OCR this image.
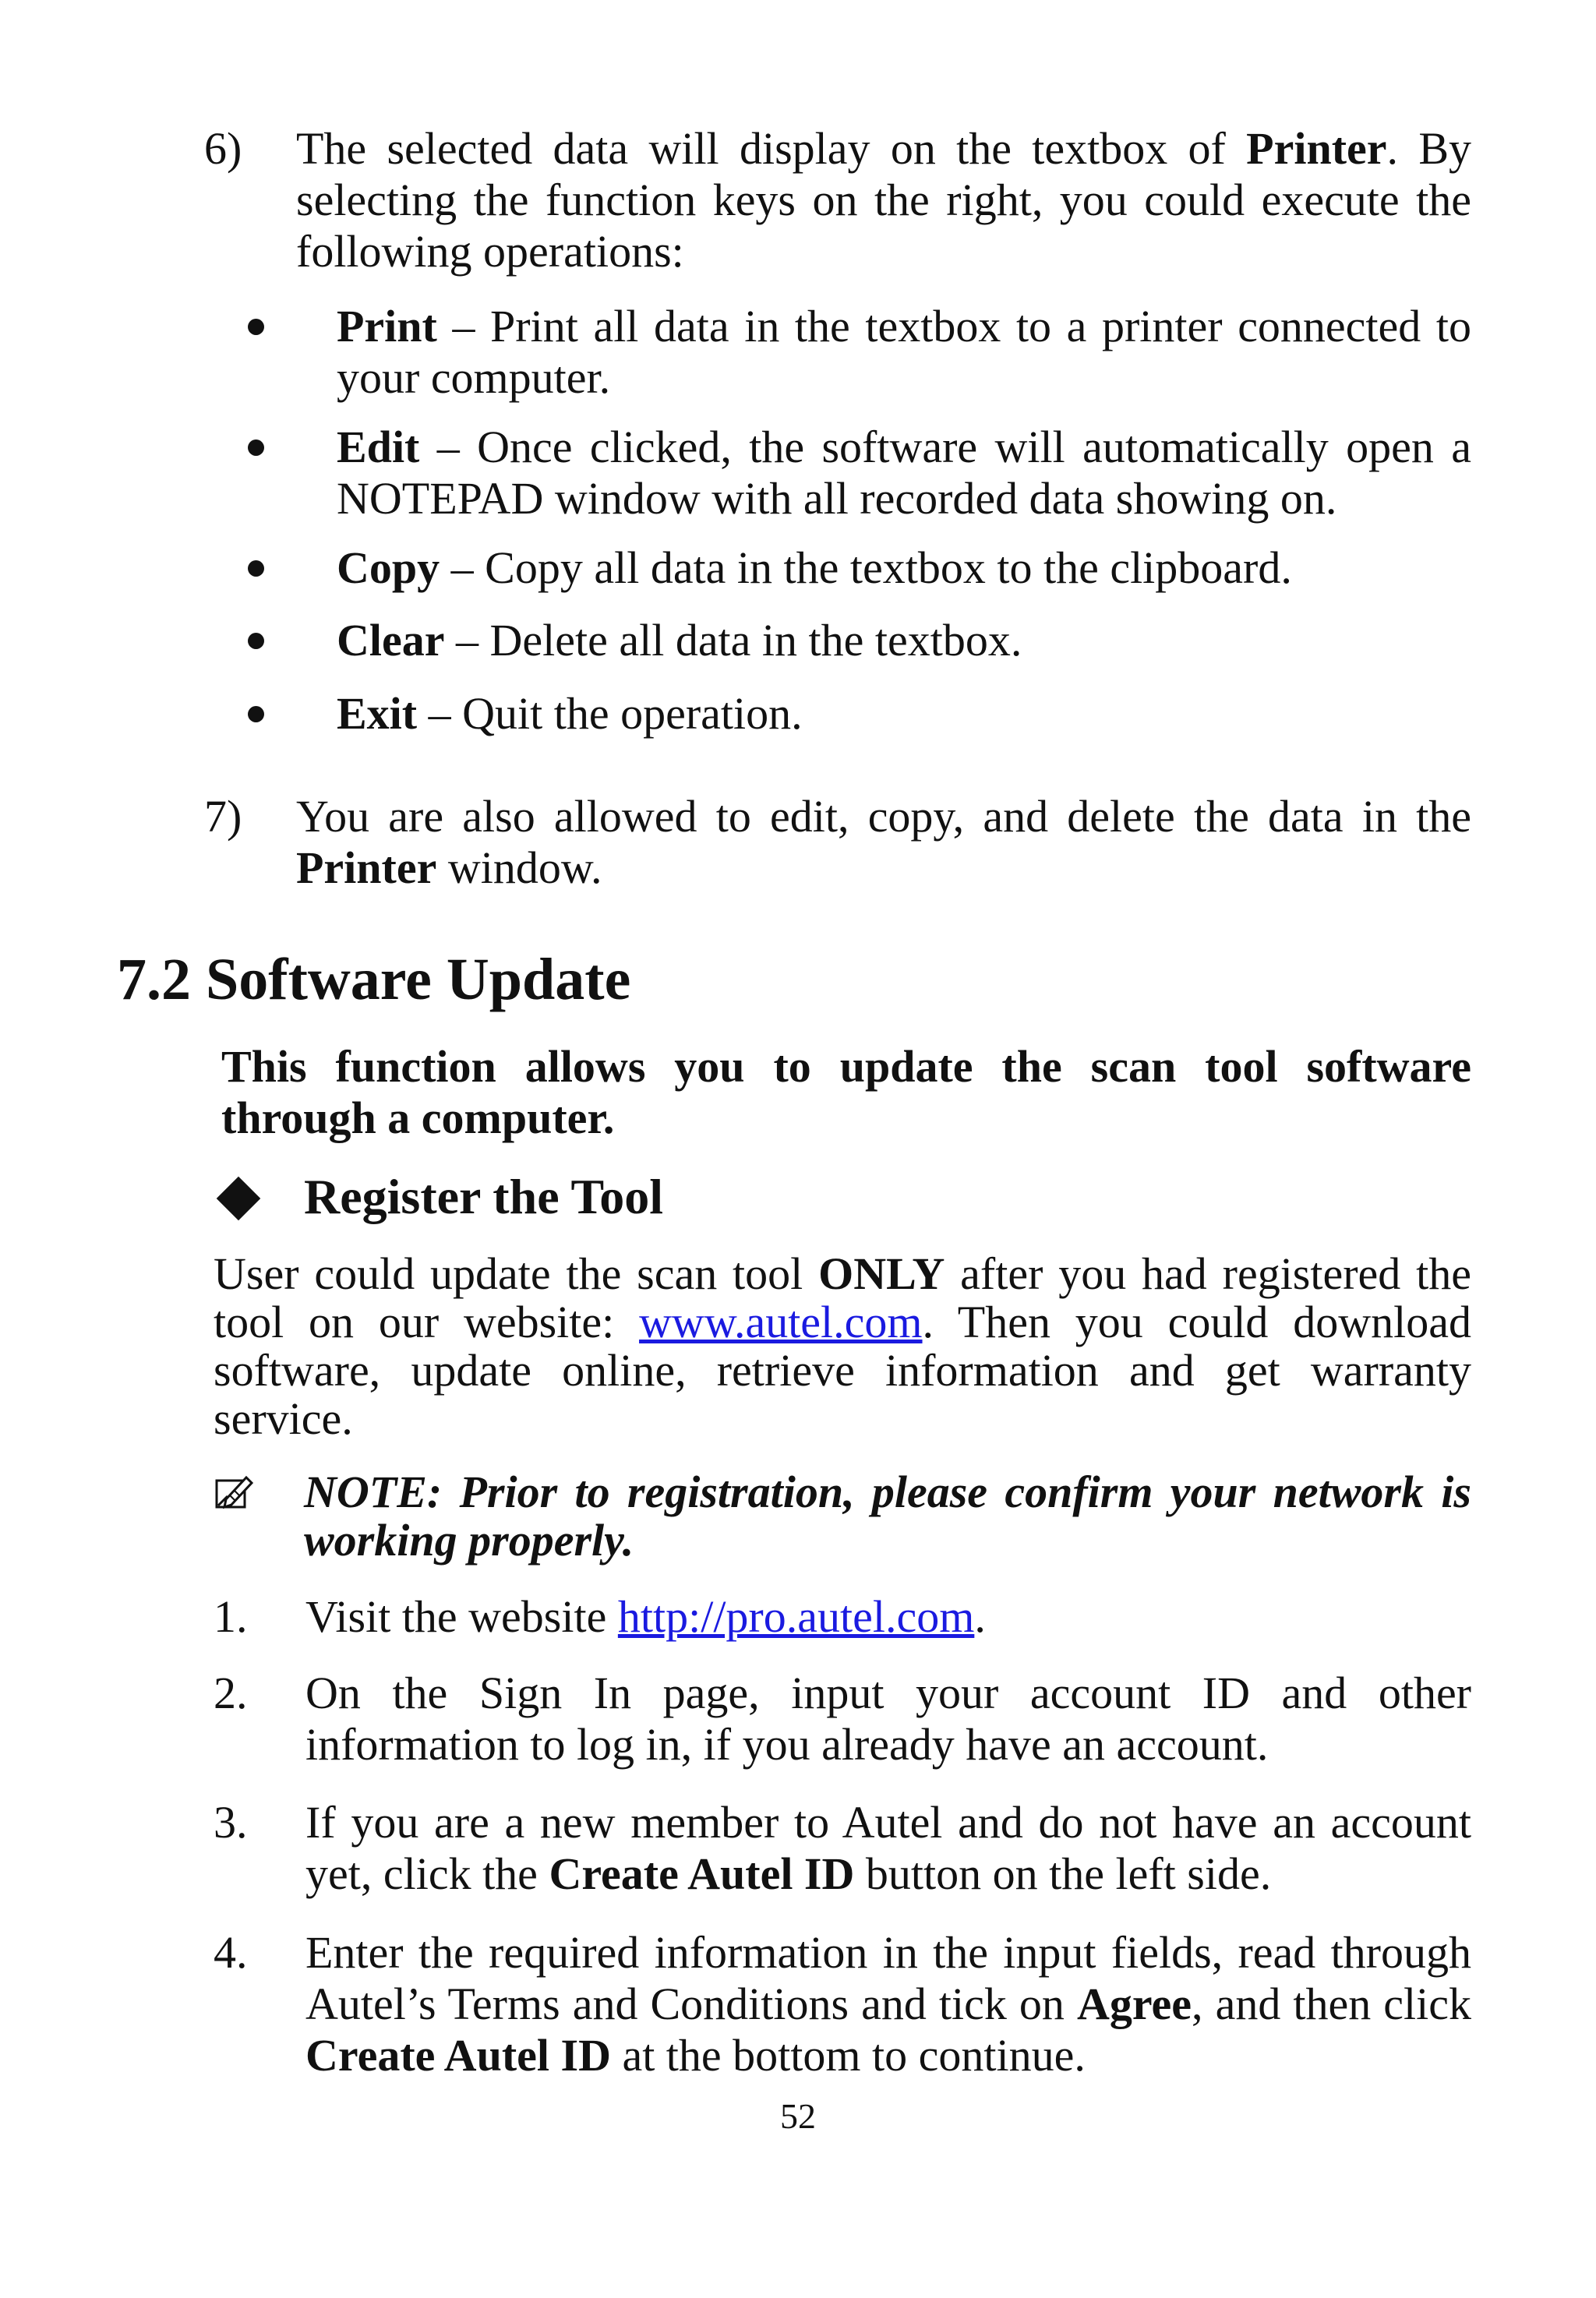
6) The selected data will display on the textbox of Printer. By selecting the function keys on the right, you could execute the following operations:
Print – Print all data in the textbox to a printer connected to your computer.
Edit – Once clicked, the software will automatically open a NOTEPAD window with all recorded data showing on.
Copy – Copy all data in the textbox to the clipboard.
Clear – Delete all data in the textbox.
Exit – Quit the operation.
7) You are also allowed to edit, copy, and delete the data in the Printer window.
7.2 Software Update
This function allows you to update the scan tool software through a computer.
Register the Tool
User could update the scan tool ONLY after you had registered the tool on our website: www.autel.com. Then you could download software, update online, retrieve information and get warranty service.
NOTE: Prior to registration, please confirm your network is working properly.
1. Visit the website http://pro.autel.com.
2. On the Sign In page, input your account ID and other information to log in, if you already have an account.
3. If you are a new member to Autel and do not have an account yet, click the Create Autel ID button on the left side.
4. Enter the required information in the input fields, read through Autel’s Terms and Conditions and tick on Agree, and then click Create Autel ID at the bottom to continue.
52
